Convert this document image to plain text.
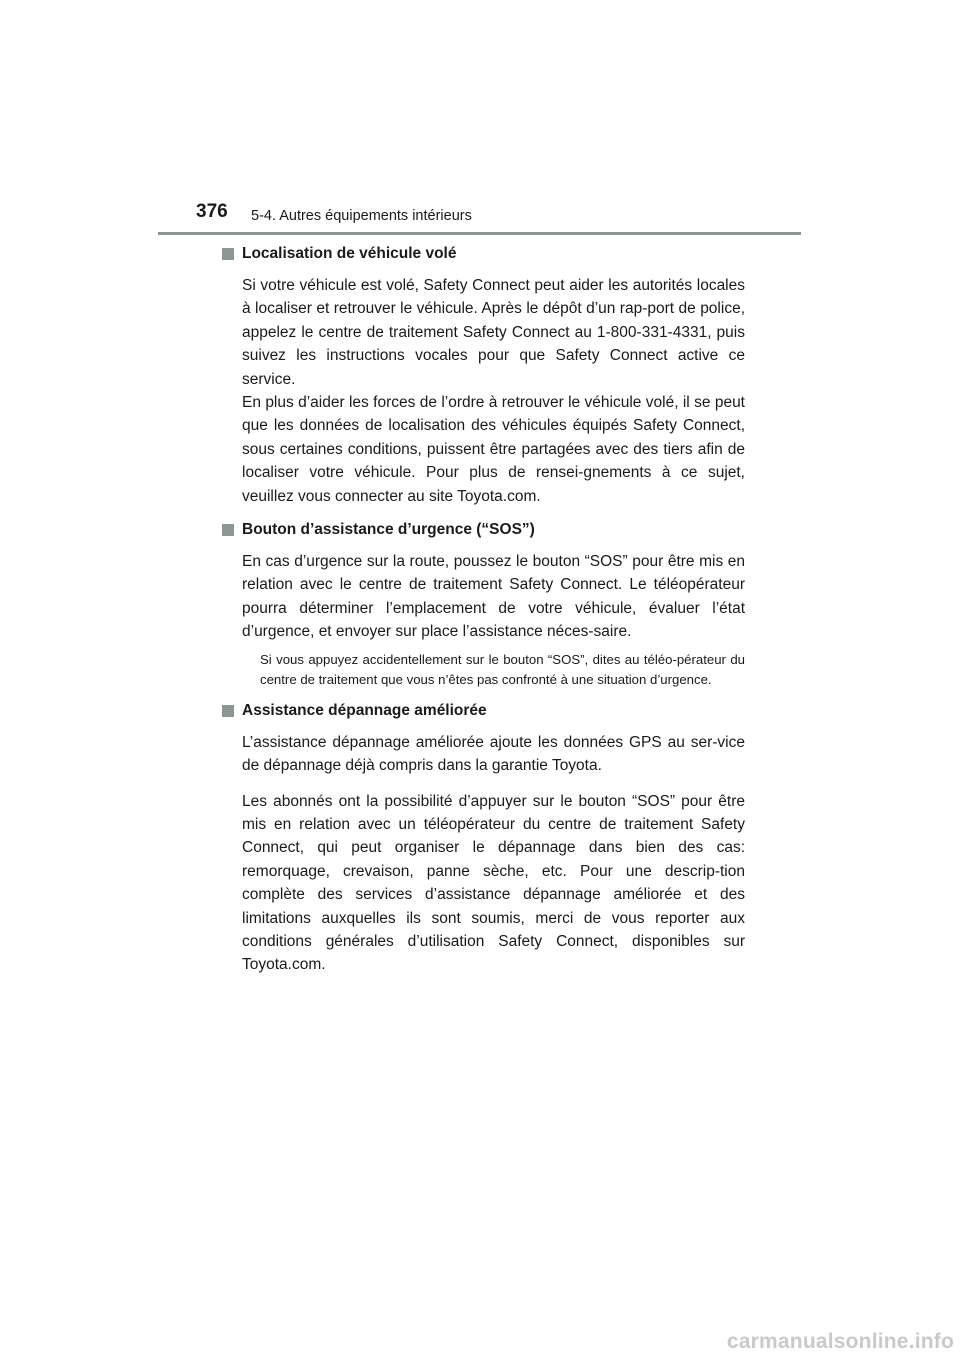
376 5-4. Autres équipements intérieurs
Localisation de véhicule volé

Si votre véhicule est volé, Safety Connect peut aider les autorités locales à localiser et retrouver le véhicule. Après le dépôt d’un rap-port de police, appelez le centre de traitement Safety Connect au 1-800-331-4331, puis suivez les instructions vocales pour que Safety Connect active ce service.

En plus d’aider les forces de l’ordre à retrouver le véhicule volé, il se peut que les données de localisation des véhicules équipés Safety Connect, sous certaines conditions, puissent être partagées avec des tiers afin de localiser votre véhicule. Pour plus de rensei-gnements à ce sujet, veuillez vous connecter au site Toyota.com.

Bouton d’assistance d’urgence (“SOS”)

En cas d’urgence sur la route, poussez le bouton “SOS” pour être mis en relation avec le centre de traitement Safety Connect. Le téléopérateur pourra déterminer l’emplacement de votre véhicule, évaluer l’état d’urgence, et envoyer sur place l’assistance néces-saire.

Si vous appuyez accidentellement sur le bouton “SOS”, dites au téléo-pérateur du centre de traitement que vous n’êtes pas confronté à une situation d’urgence.

Assistance dépannage améliorée

L’assistance dépannage améliorée ajoute les données GPS au ser-vice de dépannage déjà compris dans la garantie Toyota.

Les abonnés ont la possibilité d’appuyer sur le bouton “SOS” pour être mis en relation avec un téléopérateur du centre de traitement Safety Connect, qui peut organiser le dépannage dans bien des cas: remorquage, crevaison, panne sèche, etc. Pour une descrip-tion complète des services d’assistance dépannage améliorée et des limitations auxquelles ils sont soumis, merci de vous reporter aux conditions générales d’utilisation Safety Connect, disponibles sur Toyota.com.

carmanualsonline.info
